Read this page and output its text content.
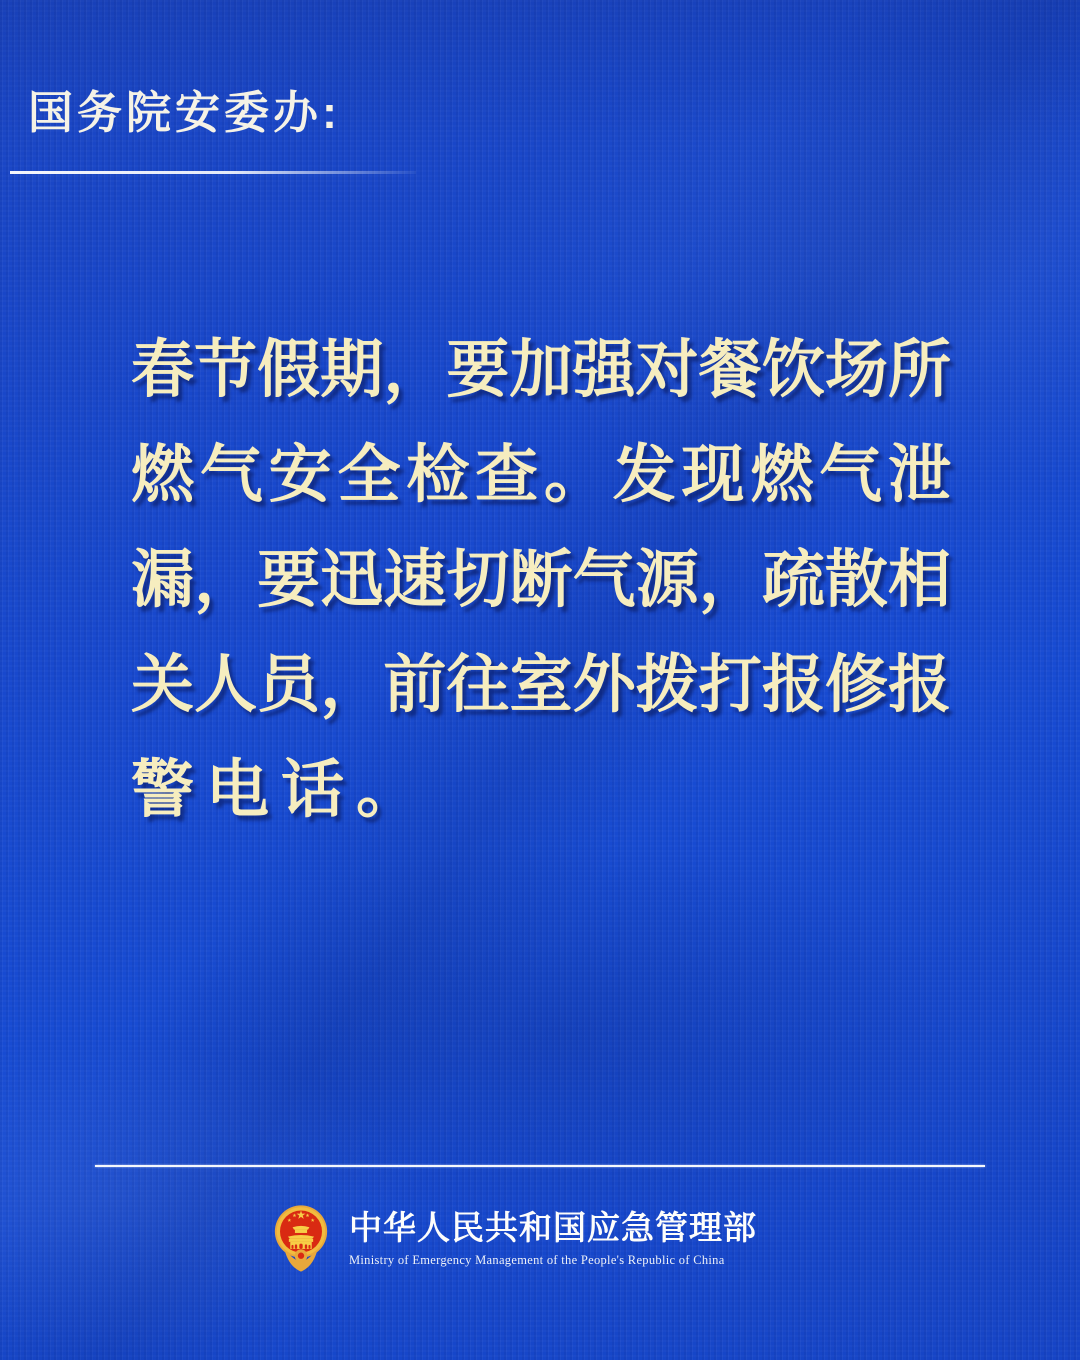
国务院安委办:
春节假期，要加强对餐饮场所
燃气安全检查。发现燃气泄
漏，要迅速切断气源，疏散相
关人员，前往室外拨打报修报
警电话。
中华人民共和国应急管理部
Ministry of Emergency Management of the People's Republic of China
